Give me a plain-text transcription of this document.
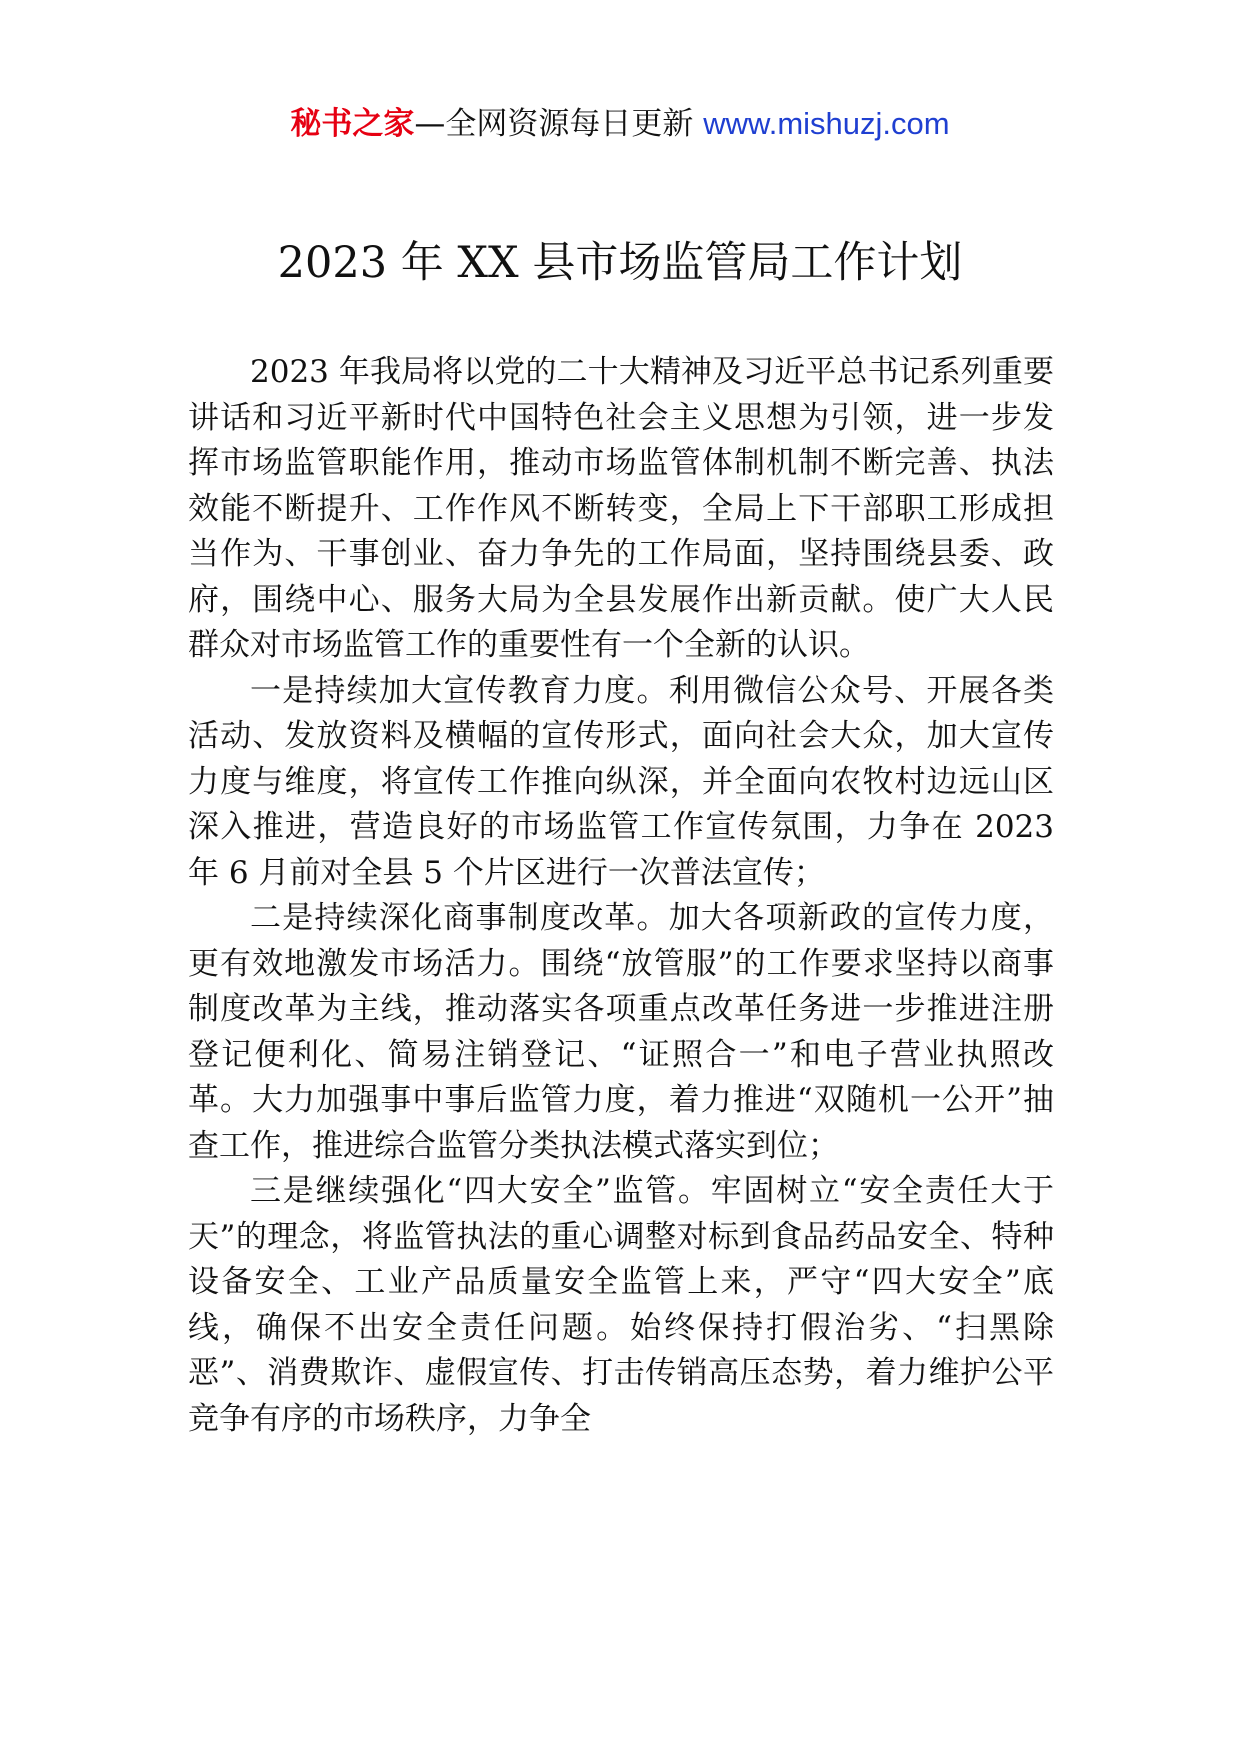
秘书之家—全网资源每日更新 www.mishuzj.com
2023 年 XX 县市场监管局工作计划

2023 年我局将以党的二十大精神及习近平总书记系列重要讲话和习近平新时代中国特色社会主义思想为引领，进一步发挥市场监管职能作用，推动市场监管体制机制不断完善、执法效能不断提升、工作作风不断转变，全局上下干部职工形成担当作为、干事创业、奋力争先的工作局面，坚持围绕县委、政府，围绕中心、服务大局为全县发展作出新贡献。使广大人民群众对市场监管工作的重要性有一个全新的认识。

一是持续加大宣传教育力度。利用微信公众号、开展各类活动、发放资料及横幅的宣传形式，面向社会大众，加大宣传力度与维度，将宣传工作推向纵深，并全面向农牧村边远山区深入推进，营造良好的市场监管工作宣传氛围，力争在 2023 年 6 月前对全县 5 个片区进行一次普法宣传；

二是持续深化商事制度改革。加大各项新政的宣传力度，更有效地激发市场活力。围绕“放管服”的工作要求坚持以商事制度改革为主线，推动落实各项重点改革任务进一步推进注册登记便利化、简易注销登记、“证照合一”和电子营业执照改革。大力加强事中事后监管力度，着力推进“双随机一公开”抽查工作，推进综合监管分类执法模式落实到位；

三是继续强化“四大安全”监管。牢固树立“安全责任大于天”的理念，将监管执法的重心调整对标到食品药品安全、特种设备安全、工业产品质量安全监管上来，严守“四大安全”底线，确保不出安全责任问题。始终保持打假治劣、“扫黑除恶”、消费欺诈、虚假宣传、打击传销高压态势，着力维护公平竞争有序的市场秩序，力争全
